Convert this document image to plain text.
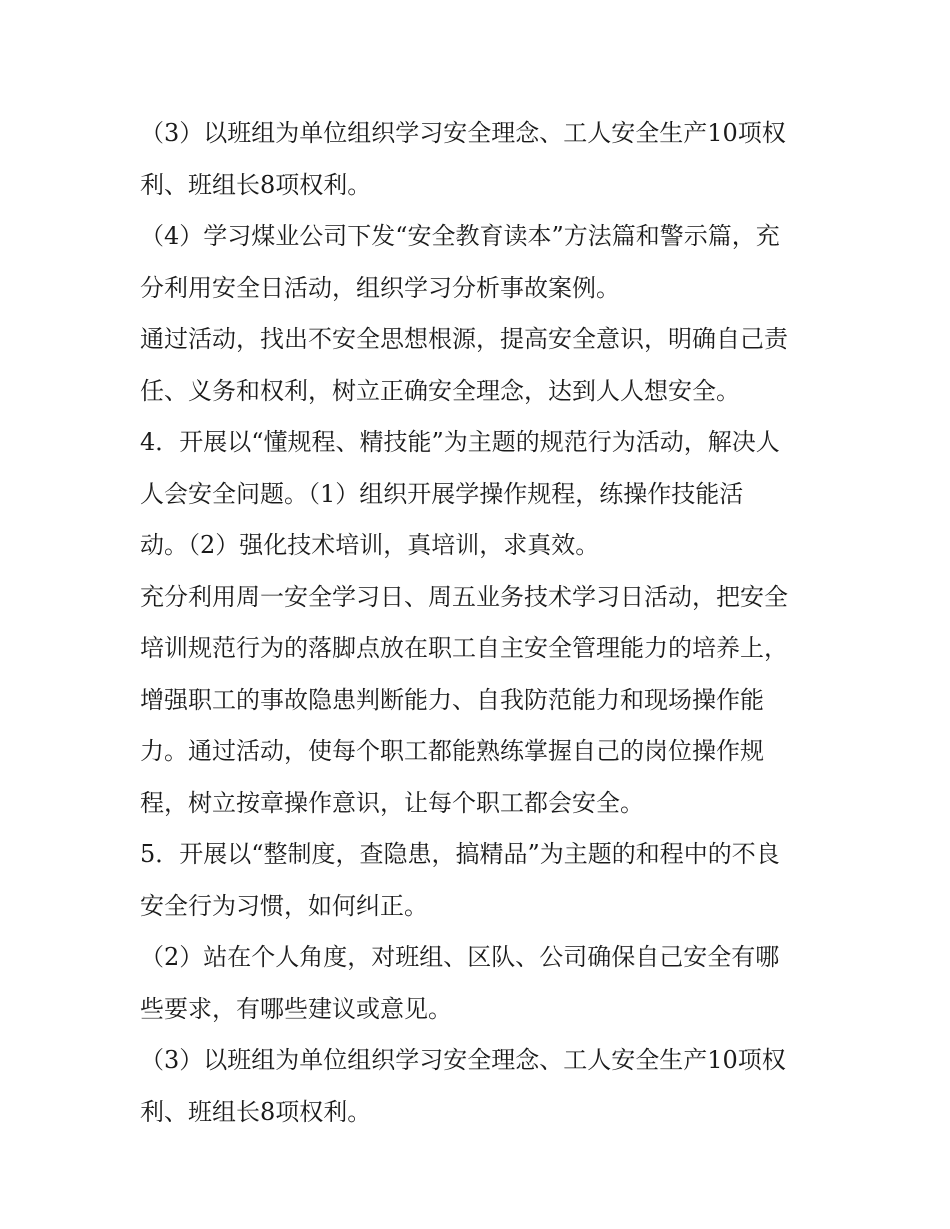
（3）以班组为单位组织学习安全理念、工人安全生产10项权
利、班组长8项权利。
（4）学习煤业公司下发“安全教育读本”方法篇和警示篇，充
分利用安全日活动，组织学习分析事故案例。
通过活动，找出不安全思想根源，提高安全意识，明确自己责
任、义务和权利，树立正确安全理念，达到人人想安全。
4．开展以“懂规程、精技能”为主题的规范行为活动，解决人
人会安全问题。（1）组织开展学操作规程，练操作技能活
动。（2）强化技术培训，真培训，求真效。
充分利用周一安全学习日、周五业务技术学习日活动，把安全
培训规范行为的落脚点放在职工自主安全管理能力的培养上，
增强职工的事故隐患判断能力、自我防范能力和现场操作能
力。通过活动，使每个职工都能熟练掌握自己的岗位操作规
程，树立按章操作意识，让每个职工都会安全。
5．开展以“整制度，查隐患，搞精品”为主题的和程中的不良
安全行为习惯，如何纠正。
（2）站在个人角度，对班组、区队、公司确保自己安全有哪
些要求，有哪些建议或意见。
（3）以班组为单位组织学习安全理念、工人安全生产10项权
利、班组长8项权利。
